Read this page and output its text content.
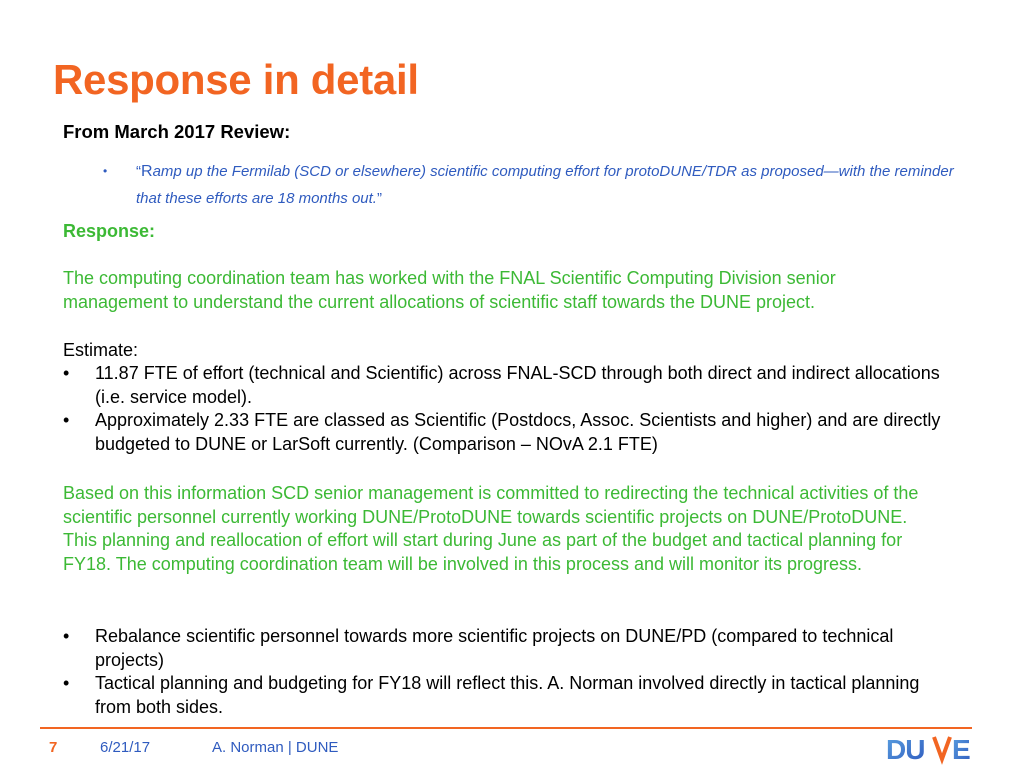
Response in detail
From March 2017 Review:
• “Ramp up the Fermilab (SCD or elsewhere) scientific computing effort for protoDUNE/TDR as proposed—with the reminder that these efforts are 18 months out.”
Response:

The computing coordination team has worked with the FNAL Scientific Computing Division senior management to understand the current allocations of scientific staff towards the DUNE project.

Estimate:

• 11.87 FTE of effort (technical and Scientific) across FNAL-SCD through both direct and indirect allocations (i.e. service model).
• Approximately 2.33 FTE are classed as Scientific (Postdocs, Assoc. Scientists and higher) and are directly budgeted to DUNE or LarSoft currently. (Comparison – NOvA 2.1 FTE)

Based on this information SCD senior management is committed to redirecting the technical activities of the scientific personnel currently working DUNE/ProtoDUNE towards scientific projects on DUNE/ProtoDUNE. This planning and reallocation of effort will start during June as part of the budget and tactical planning for FY18. The computing coordination team will be involved in this process and will monitor its progress.

• Rebalance scientific personnel towards more scientific projects on DUNE/PD (compared to technical projects)
• Tactical planning and budgeting for FY18 will reflect this. A. Norman involved directly in tactical planning from both sides.
7	6/21/17	A. Norman | DUNE	DU E
